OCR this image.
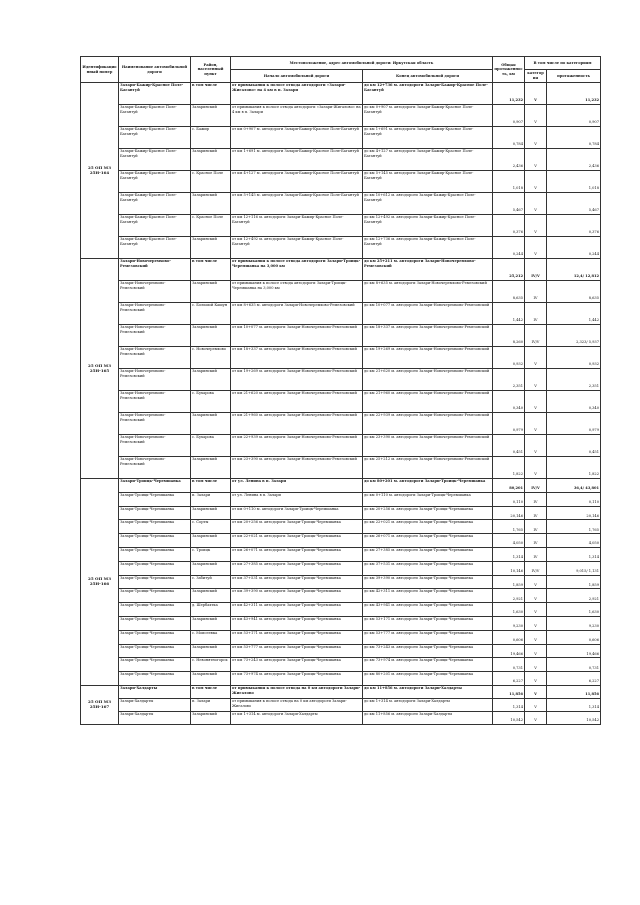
Идентификационный номер	Наименование автомобильной дороги	Район, населенный пункт	Местоположение, адрес автомобильной дороги: Иркутская область		Общая протяженность, км	В том числе по категориям	
			Начало автомобильной дороги	Конец автомобильной дороги		категория	протяженность

25 ОП МЗ 25Н-164	Залари-Бажир-Красное Поле-Багантуй	в том числе	от примыкания к полосе отвода автодороги «Залари-Жигалово» на 4 км в п. Залари	до км 12+736 м. автодороги Залари-Бажир-Красное Поле-Багантуй	11,232	V	11,232
	Залари-Бажир-Красное Поле-Багантуй	Заларинский	от примыкания к полосе отвода автодороги «Залари-Жигалово» на 4 км в п. Залари	до км 0+907 м. автодороги Залари-Бажир-Красное Поле-Багантуй	0,907	V	0,907
	Залари-Бажир-Красное Поле-Багантуй	с. Бажир	от км 0+907 м. автодороги Залари-Бажир-Красное Поле-Багантуй	до км 1+691 м. автодороги Залари-Бажир-Красное Поле-Багантуй	0,784	V	0,784
	Залари-Бажир-Красное Поле-Багантуй	Заларинский	от км 1+691 м. автодороги Залари-Бажир-Красное Поле-Багантуй	до км 4+127 м. автодороги Залари-Бажир-Красное Поле-Багантуй	2,436	V	2,436
	Залари-Бажир-Красное Поле-Багантуй	с. Красное Поле	от км 4+127 м. автодороги Залари-Бажир-Красное Поле-Багантуй	до км 5+145 м. автодороги Залари-Бажир-Красное Поле-Багантуй	1,018	V	1,018
	Залари-Бажир-Красное Поле-Багантуй	Заларинский	от км 5+145 м. автодороги Залари-Бажир-Красное Поле-Багантуй	до км 10+612 м. автодороги Залари-Бажир-Красное Поле-Багантуй	5,467	V	5,467
	Залари-Бажир-Красное Поле-Багантуй	с. Красное Поле	от км 12+116 м. автодороги Залари-Бажир-Красное Поле-Багантуй	до км 12+492 м. автодороги Залари-Бажир-Красное Поле-Багантуй	0,376	V	0,376
	Залари-Бажир-Красное Поле-Багантуй	Заларинский	от км 12+492 м. автодороги Залари-Бажир-Красное Поле-Багантуй	до км 12+736 м. автодороги Залари-Бажир-Красное Поле-Багантуй	0,244	V	0,244
25 ОП МЗ 25Н-165	Залари-Новочеремхово-Ремезовский	в том числе	от примыкания к полосе отвода автодороги Залари-Троицк-Черемшанка на 3,000 км	до км 25+211 м. автодороги Залари-Новочеремхово-Ремезовский	25,212	IV/V	12,4/ 12,812
	Залари-Новочеремхово-Ремезовский	Заларинский	от примыкания к полосе отвода автодороги Залари-Троицк-Черемшанка на 3,000 км	до км 8+635 м. автодороги Залари-Новочеремхово-Ремезовский	8,635	IV	8,635
	Залари-Новочеремхово-Ремезовский	с. Большой Кашун	от км 8+635 м. автодороги Залари-Новочеремхово-Ремезовский	до км 10+077 м. автодороги Залари-Новочеремхово-Ремезовский	1,442	IV	1,442
	Залари-Новочеремхово-Ремезовский	Заларинский	от км 10+077 м. автодороги Залари-Новочеремхово-Ремезовский	до км 18+337 м. автодороги Залари-Новочеремхово-Ремезовский	8,260	IV/V	2,323/ 5,937
	Залари-Новочеремхово-Ремезовский	с. Новочеремхово	от км 18+337 м. автодороги Залари-Новочеремхово-Ремезовский	до км 19+269 м. автодороги Залари-Новочеремхово-Ремезовский	0,932	V	0,932
	Залари-Новочеремхово-Ремезовский	Заларинский	от км 19+269 м. автодороги Залари-Новочеремхово-Ремезовский	до км 21+620 м. автодороги Залари-Новочеремхово-Ремезовский	2,351	V	2,351
	Залари-Новочеремхово-Ремезовский	с. Бухарова	от км 21+620 м. автодороги Залари-Новочеремхово-Ремезовский	до км 21+960 м. автодороги Залари-Новочеремхово-Ремезовский	0,340	V	0,340
	Залари-Новочеремхово-Ремезовский	Заларинский	от км 21+960 м. автодороги Залари-Новочеремхово-Ремезовский	до км 22+939 м. автодороги Залари-Новочеремхово-Ремезовский	0,979	V	0,979
	Залари-Новочеремхово-Ремезовский	с. Бухарова	от км 22+939 м. автодороги Залари-Новочеремхово-Ремезовский	до км 23+390 м. автодороги Залари-Новочеремхово-Ремезовский	0,451	V	0,451
	Залари-Новочеремхово-Ремезовский	Заларинский	от км 23+390 м. автодороги Залари-Новочеремхово-Ремезовский	до км 25+212 м. автодороги Залари-Новочеремхово-Ремезовский	1,822	V	1,822
25 ОП МЗ 25Н-166	Залари-Троицк-Черемшанка	в том числе	от ул. Ленина в п. Залари	до км 80+201 м. автодороги Залари-Троицк-Черемшанка	80,201	IV/V	36,4/ 43,801
	Залари-Троицк-Черемшанка	п. Залари	от ул. Ленина в п. Залари	до км 0+110 м. автодороги Залари-Троицк-Черемшанка	0,110	IV	0,110
	Залари-Троицк-Черемшанка	Заларинский	от км 0+110 м. автодороги Залари-Троицк-Черемшанка	до км 20+256 м. автодороги Залари-Троицк-Черемшанка	20,146	IV	20,146
	Залари-Троицк-Черемшанка	с. Сорты	от км 20+256 м. автодороги Залари-Троицк-Черемшанка	до км 22+021 м. автодороги Залари-Троицк-Черемшанка	1,765	IV	1,765
	Залари-Троицк-Черемшанка	Заларинский	от км 22+021 м. автодороги Залари-Троицк-Черемшанка	до км 26+071 м. автодороги Залари-Троицк-Черемшанка	4,050	IV	4,050
	Залари-Троицк-Черемшанка	с. Троицк	от км 26+071 м. автодороги Залари-Троицк-Черемшанка	до км 27+385 м. автодороги Залари-Троицк-Черемшанка	1,314	IV	1,314
	Залари-Троицк-Черемшанка	Заларинский	от км 27+385 м. автодороги Залари-Троицк-Черемшанка	до км 37+531 м. автодороги Залари-Троицк-Черемшанка	10,146	IV/V	9,015/ 1,131
	Залари-Троицк-Черемшанка	с. Забитуй	от км 37+531 м. автодороги Залари-Троицк-Черемшанка	до км 39+390 м. автодороги Залари-Троицк-Черемшанка	1,859	V	1,859
	Залари-Троицк-Черемшанка	Заларинский	от км 39+390 м. автодороги Залари-Троицк-Черемшанка	до км 42+311 м. автодороги Залари-Троицк-Черемшанка	2,921	V	2,921
	Залари-Троицк-Черемшанка	д. Шербахтка	от км 42+311 м. автодороги Залари-Троицк-Черемшанка	до км 43+941 м. автодороги Залари-Троицк-Черемшанка	1,630	V	1,630
	Залари-Троицк-Черемшанка	Заларинский	от км 43+941 м. автодороги Залари-Троицк-Черемшанка	до км 53+171 м. автодороги Залари-Троицк-Черемшанка	9,230	V	9,230
	Залари-Троицк-Черемшанка	с. Моисеевка	от км 53+171 м. автодороги Залари-Троицк-Черемшанка	до км 53+777 м. автодороги Залари-Троицк-Черемшанка	0,606	V	0,606
	Залари-Троицк-Черемшанка	Заларинский	от км 53+777 м. автодороги Залари-Троицк-Черемшанка	до км 73+243 м. автодороги Залари-Троицк-Черемшанка	19,466	V	19,466
	Залари-Троицк-Черемшанка	с. Невонятногорск	от км 73+243 м. автодороги Залари-Троицк-Черемшанка	до км 73+974 м. автодороги Залари-Троицк-Черемшанка	0,731	V	0,731
	Залари-Троицк-Черемшанка	Заларинский	от км 73+974 м. автодороги Залари-Троицк-Черемшанка	до км 80+201 м. автодороги Залари-Троицк-Черемшанка	6,227	V	6,227
25 ОП МЗ 25Н-167	Залари-Халдарты	в том числе	от примыкания к полосе отвода на 0 км автодороги Залари-Жигалово	до км 11+856 м. автодороги Залари-Халдарты	11,856	V	11,856
	Залари-Халдарты	п. Залари	от примыкания к полосе отвода на 0 км автодороги Залари-Жигалово	до км 1+314 м. автодороги Залари-Халдарты	1,314	V	1,314
	Залари-Халдарты	Заларинский	от км 1+314 м. автодороги Залари-Халдарты	до км 11+856 м. автодороги Залари-Халдарты	10,542	V	10,542
